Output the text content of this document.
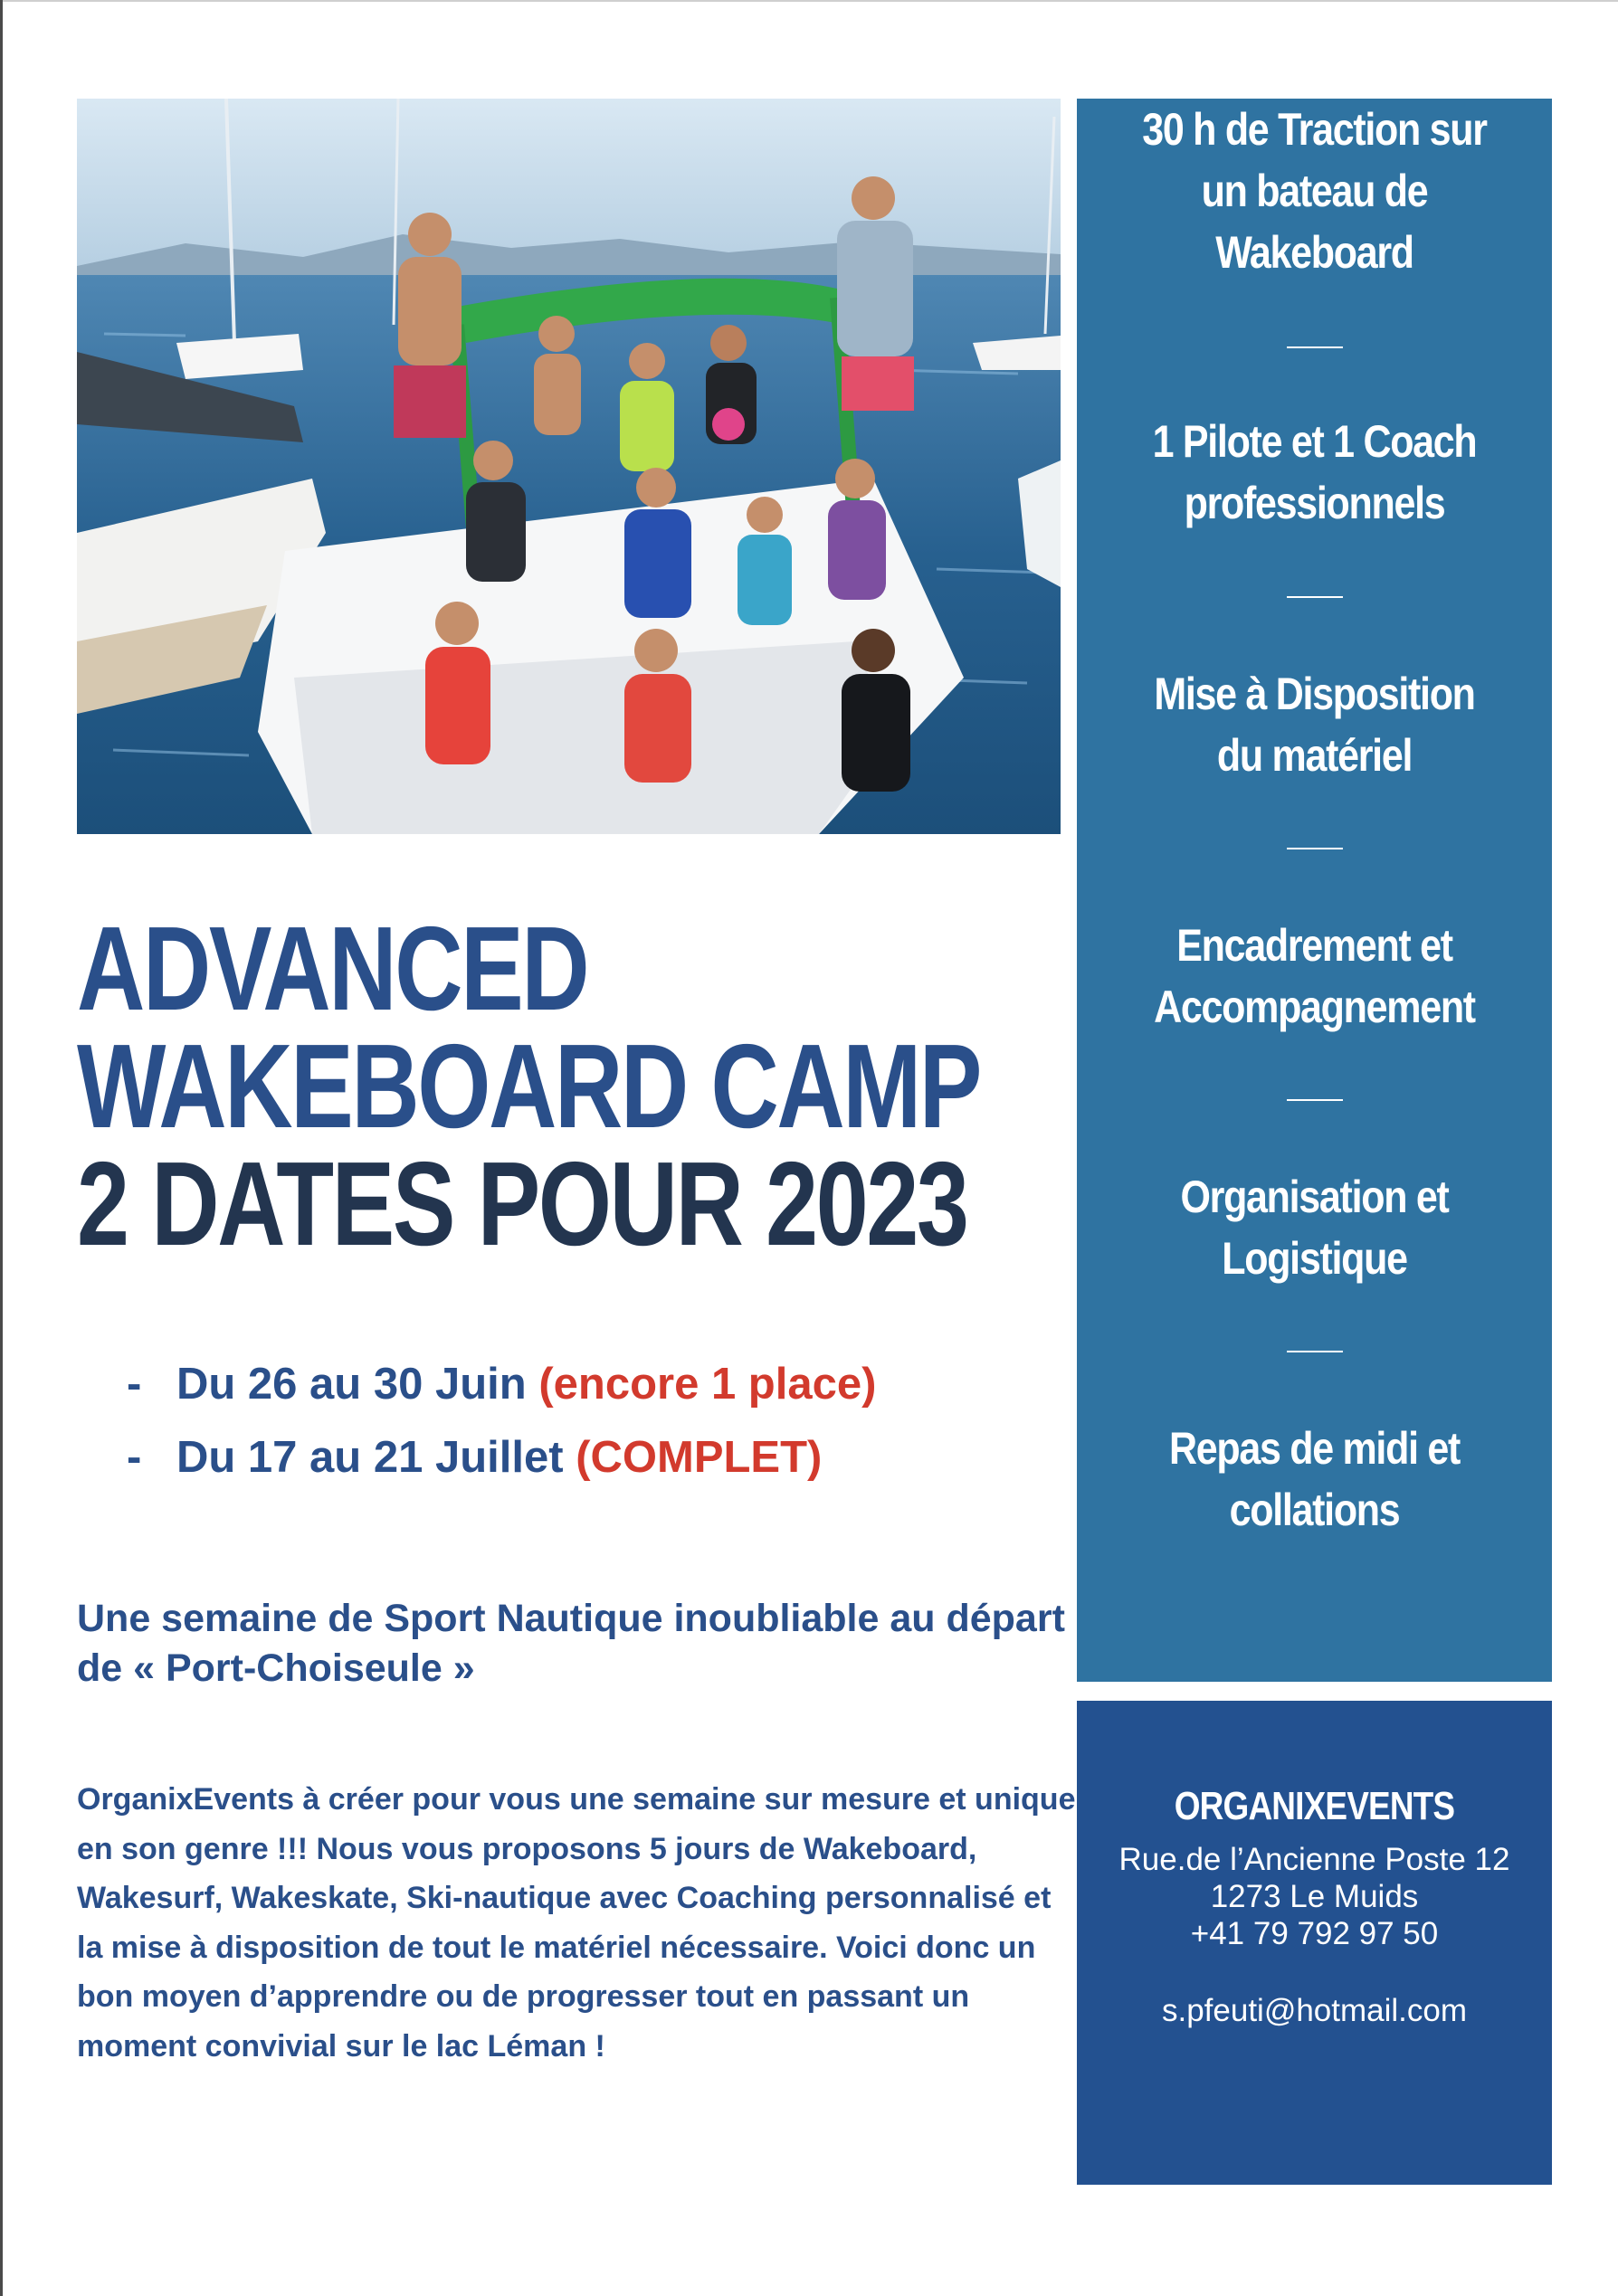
30 h de Traction sur
un bateau de
Wakeboard
1 Pilote et 1 Coach
professionnels
Mise à Disposition
du matériel
Encadrement et
Accompagnement
Organisation et
Logistique
Repas de midi et
collations
ADVANCED
WAKEBOARD CAMP
2 DATES POUR 2023
- Du 26 au 30 Juin (encore 1 place)
- Du 17 au 21 Juillet (COMPLET)
Une semaine de Sport Nautique inoubliable au départ de « Port-Choiseule »
OrganixEvents à créer pour vous une semaine sur mesure et unique en son genre !!! Nous vous proposons 5 jours de Wakeboard, Wakesurf, Wakeskate, Ski-nautique avec Coaching personnalisé et la mise à disposition de tout le matériel nécessaire. Voici donc un bon moyen d’apprendre ou de progresser tout en passant un moment convivial sur le lac Léman !
ORGANIXEVENTS
Rue.de l’Ancienne Poste 12
1273 Le Muids
+41 79 792 97 50
s.pfeuti@hotmail.com
